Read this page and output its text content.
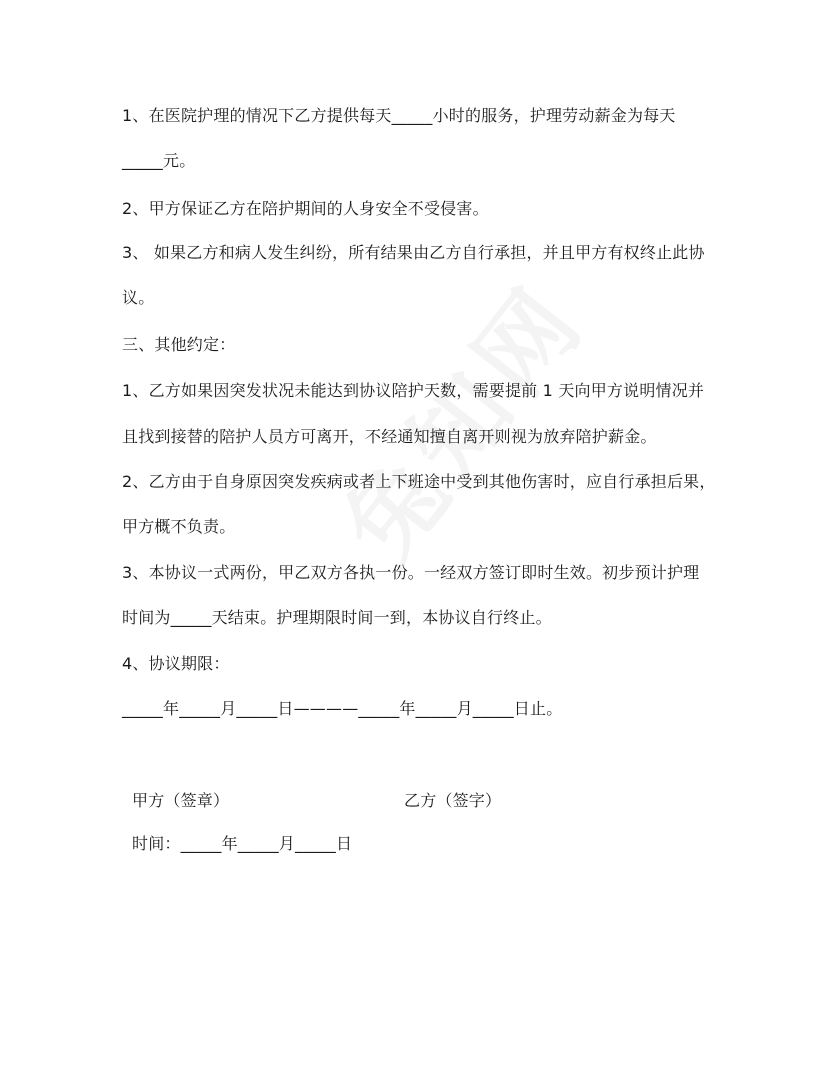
1、在医院护理的情况下乙方提供每天_____小时的服务，护理劳动薪金为每天
_____元。
2、甲方保证乙方在陪护期间的人身安全不受侵害。
3、 如果乙方和病人发生纠纷，所有结果由乙方自行承担，并且甲方有权终止此协
议。
三、其他约定：
1、乙方如果因突发状况未能达到协议陪护天数，需要提前 1 天向甲方说明情况并
且找到接替的陪护人员方可离开，不经通知擅自离开则视为放弃陪护薪金。
2、乙方由于自身原因突发疾病或者上下班途中受到其他伤害时，应自行承担后果，
甲方概不负责。
3、本协议一式两份，甲乙双方各执一份。一经双方签订即时生效。初步预计护理
时间为_____天结束。护理期限时间一到，本协议自行终止。
4、协议期限：
_____年_____月_____日————_____年_____月_____日止。
甲方（签章）	乙方（签字）
时间：_____年_____月_____日
